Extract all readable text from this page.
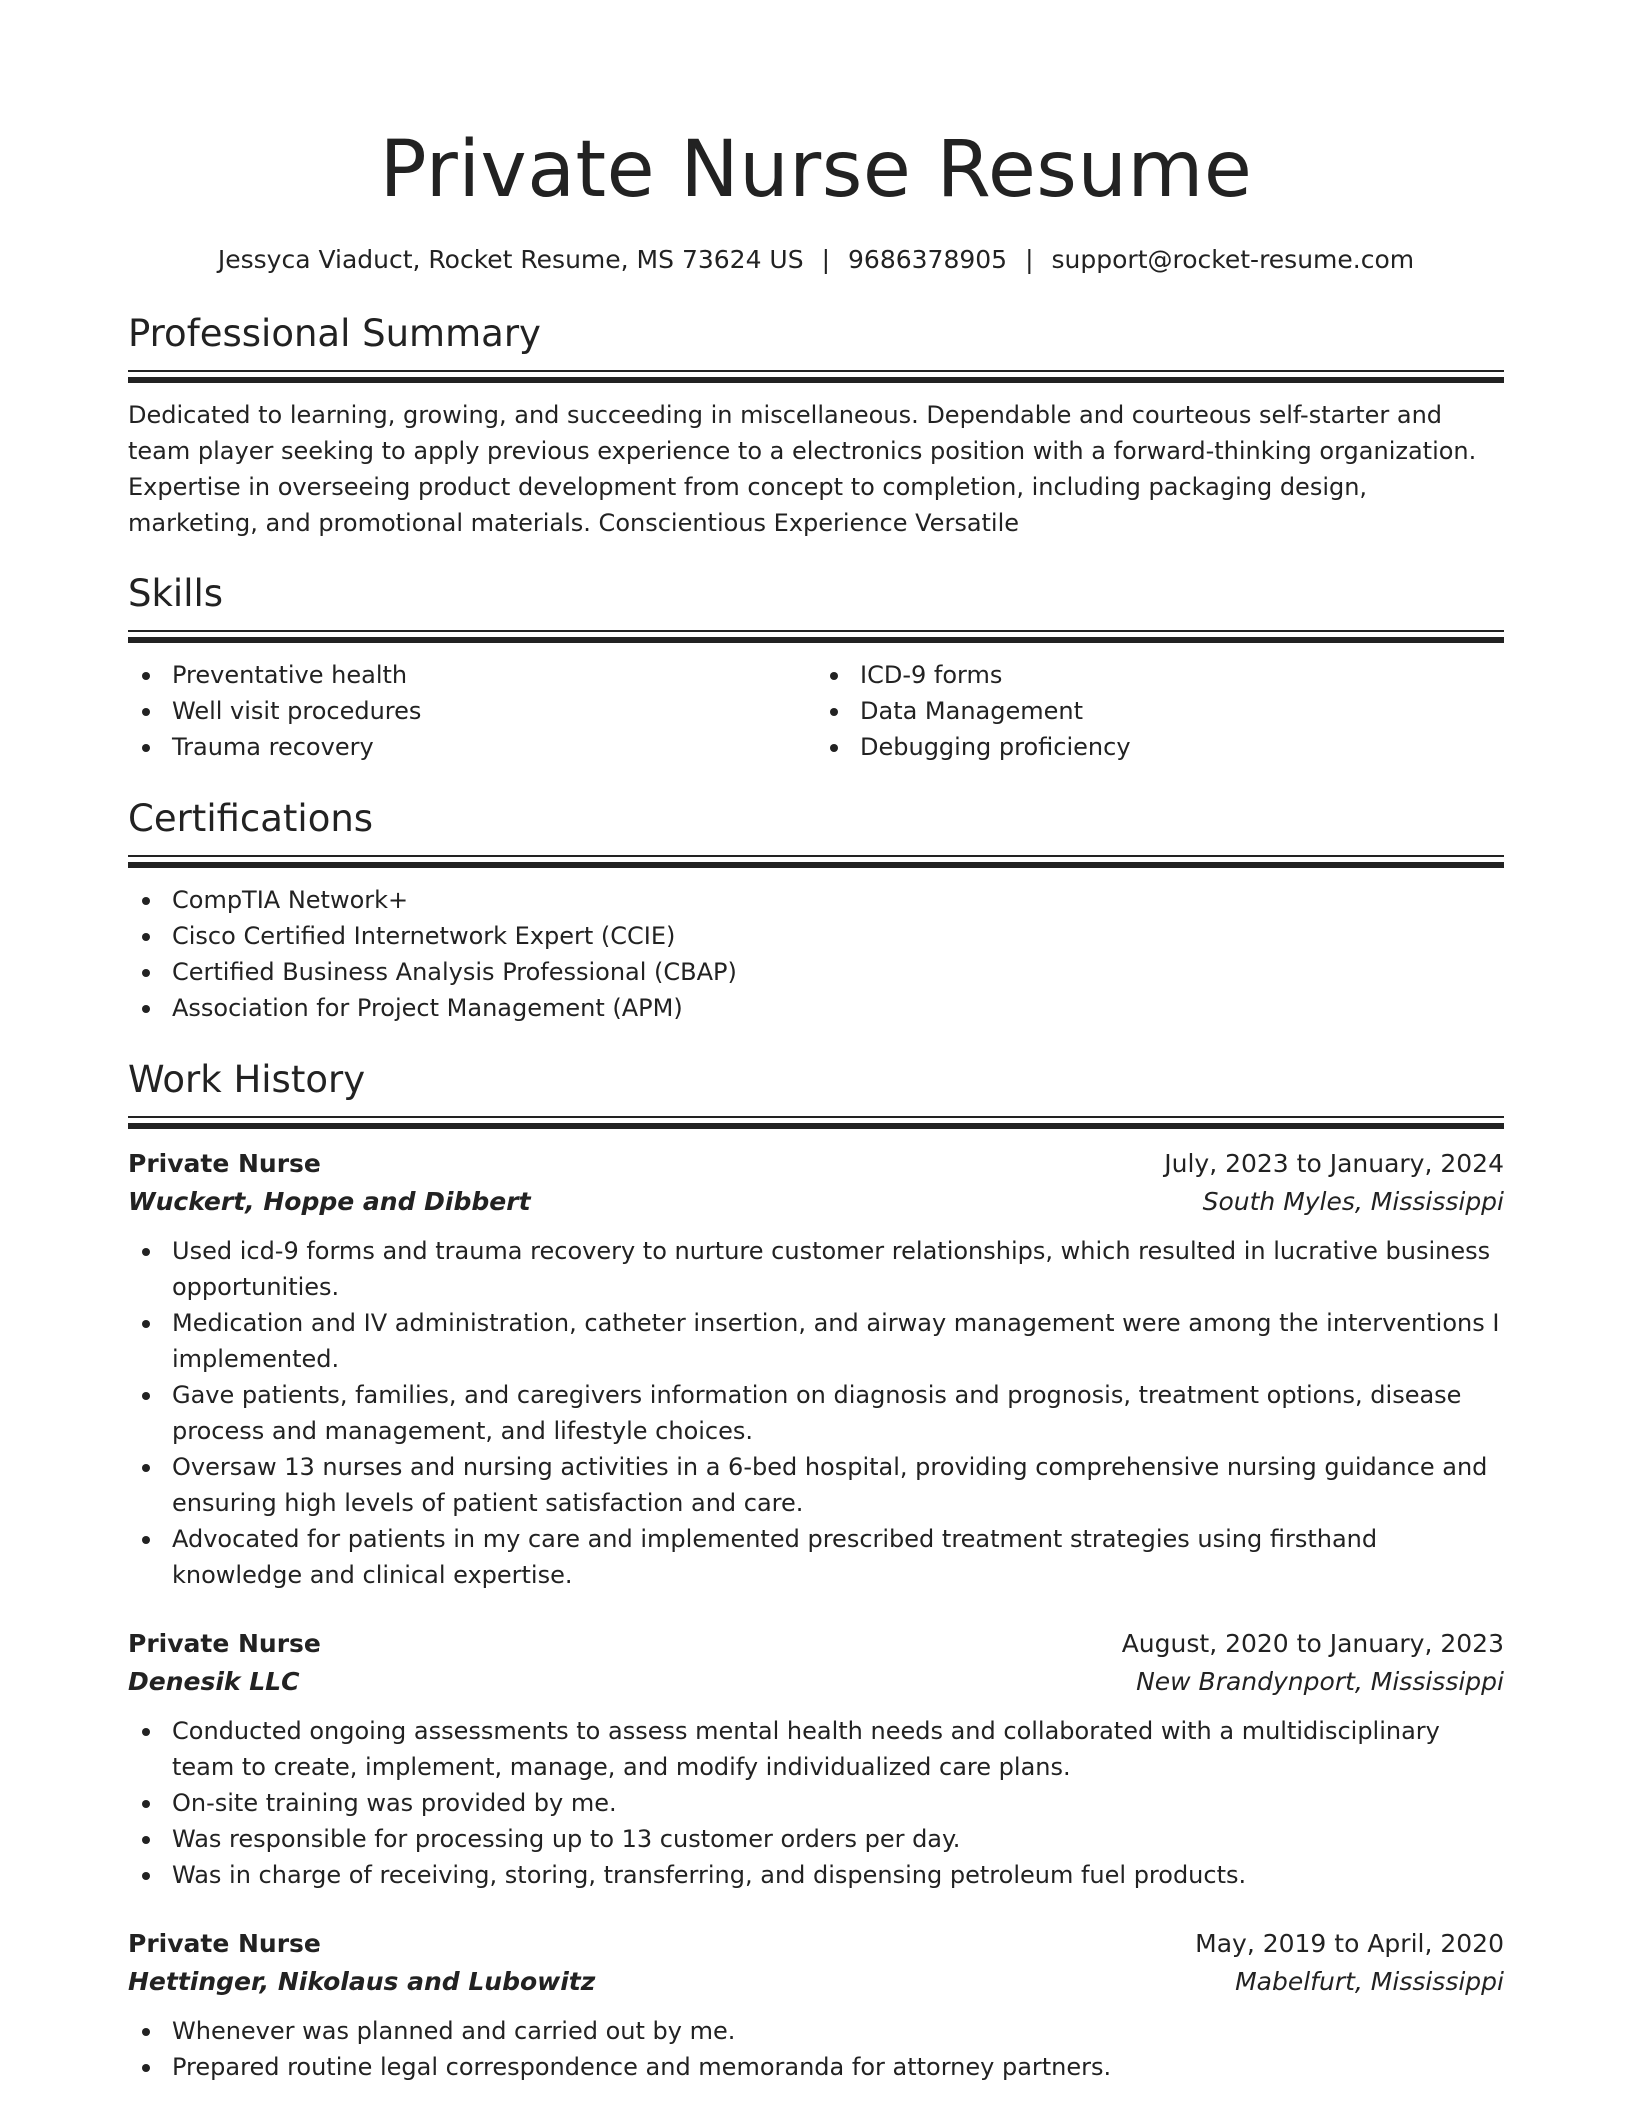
Private Nurse Resume
Jessyca Viaduct, Rocket Resume, MS 73624 US | 9686378905 | support@rocket-resume.com
Professional Summary

Dedicated to learning, growing, and succeeding in miscellaneous. Dependable and courteous self-starter and team player seeking to apply previous experience to a electronics position with a forward-thinking organization. Expertise in overseeing product development from concept to completion, including packaging design, marketing, and promotional materials. Conscientious Experience Versatile

Skills
Preventative health
Well visit procedures
Trauma recovery
ICD-9 forms
Data Management
Debugging proficiency
Certifications
CompTIA Network+
Cisco Certified Internetwork Expert (CCIE)
Certified Business Analysis Professional (CBAP)
Association for Project Management (APM)
Work History
Private Nurse	July, 2023 to January, 2024
Wuckert, Hoppe and Dibbert	South Myles, Mississippi
Used icd-9 forms and trauma recovery to nurture customer relationships, which resulted in lucrative business opportunities.
Medication and IV administration, catheter insertion, and airway management were among the interventions I implemented.
Gave patients, families, and caregivers information on diagnosis and prognosis, treatment options, disease process and management, and lifestyle choices.
Oversaw 13 nurses and nursing activities in a 6-bed hospital, providing comprehensive nursing guidance and ensuring high levels of patient satisfaction and care.
Advocated for patients in my care and implemented prescribed treatment strategies using firsthand knowledge and clinical expertise.
Private Nurse	August, 2020 to January, 2023
Denesik LLC	New Brandynport, Mississippi
Conducted ongoing assessments to assess mental health needs and collaborated with a multidisciplinary team to create, implement, manage, and modify individualized care plans.
On-site training was provided by me.
Was responsible for processing up to 13 customer orders per day.
Was in charge of receiving, storing, transferring, and dispensing petroleum fuel products.
Private Nurse	May, 2019 to April, 2020
Hettinger, Nikolaus and Lubowitz	Mabelfurt, Mississippi
Whenever was planned and carried out by me.
Prepared routine legal correspondence and memoranda for attorney partners.
